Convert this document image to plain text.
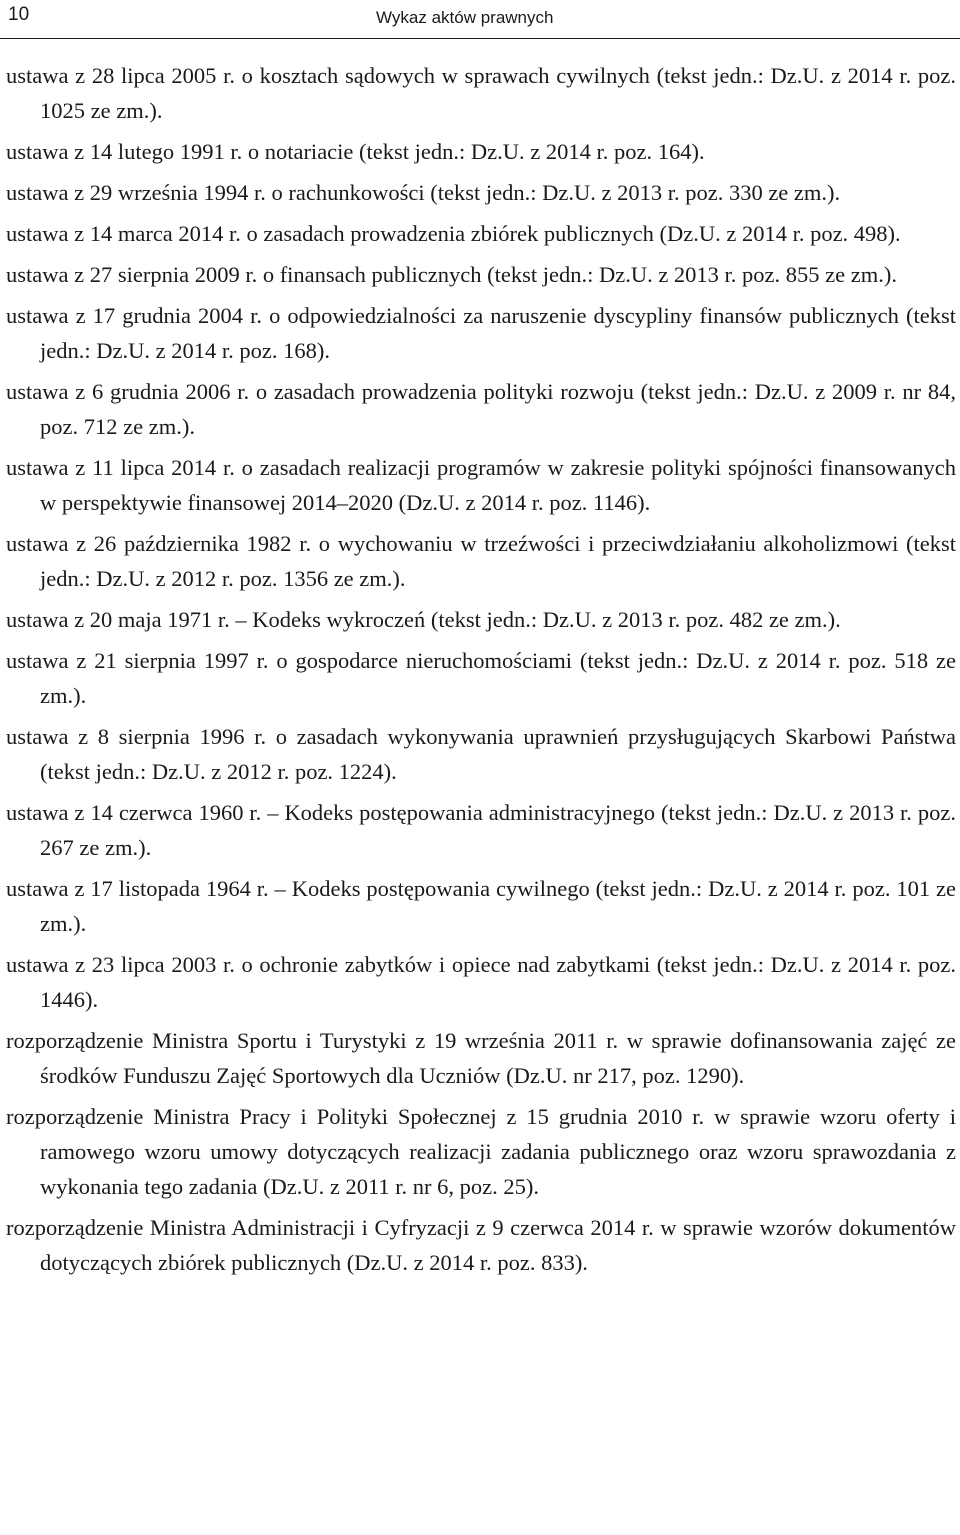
10	Wykaz aktów prawnych

ustawa z 28 lipca 2005 r. o kosztach sądowych w sprawach cywilnych (tekst jedn.: Dz.U. z 2014 r. poz. 1025 ze zm.).

ustawa z 14 lutego 1991 r. o notariacie (tekst jedn.: Dz.U. z 2014 r. poz. 164).

ustawa z 29 września 1994 r. o rachunkowości (tekst jedn.: Dz.U. z 2013 r. poz. 330 ze zm.).

ustawa z 14 marca 2014 r. o zasadach prowadzenia zbiórek publicznych (Dz.U. z 2014 r. poz. 498).

ustawa z 27 sierpnia 2009 r. o finansach publicznych (tekst jedn.: Dz.U. z 2013 r. poz. 855 ze zm.).

ustawa z 17 grudnia 2004 r. o odpowiedzialności za naruszenie dyscypliny finansów publicznych (tekst jedn.: Dz.U. z 2014 r. poz. 168).

ustawa z 6 grudnia 2006 r. o zasadach prowadzenia polityki rozwoju (tekst jedn.: Dz.U. z 2009 r. nr 84, poz. 712 ze zm.).

ustawa z 11 lipca 2014 r. o zasadach realizacji programów w zakresie polityki spójności finansowanych w perspektywie finansowej 2014–2020 (Dz.U. z 2014 r. poz. 1146).

ustawa z 26 października 1982 r. o wychowaniu w trzeźwości i przeciwdziałaniu alkoholizmowi (tekst jedn.: Dz.U. z 2012 r. poz. 1356 ze zm.).

ustawa z 20 maja 1971 r. – Kodeks wykroczeń (tekst jedn.: Dz.U. z 2013 r. poz. 482 ze zm.).

ustawa z 21 sierpnia 1997 r. o gospodarce nieruchomościami (tekst jedn.: Dz.U. z 2014 r. poz. 518 ze zm.).

ustawa z 8 sierpnia 1996 r. o zasadach wykonywania uprawnień przysługujących Skarbowi Państwa (tekst jedn.: Dz.U. z 2012 r. poz. 1224).

ustawa z 14 czerwca 1960 r. – Kodeks postępowania administracyjnego (tekst jedn.: Dz.U. z 2013 r. poz. 267 ze zm.).

ustawa z 17 listopada 1964 r. – Kodeks postępowania cywilnego (tekst jedn.: Dz.U. z 2014 r. poz. 101 ze zm.).

ustawa z 23 lipca 2003 r. o ochronie zabytków i opiece nad zabytkami (tekst jedn.: Dz.U. z 2014 r. poz. 1446).

rozporządzenie Ministra Sportu i Turystyki z 19 września 2011 r. w sprawie dofinansowania zajęć ze środków Funduszu Zajęć Sportowych dla Uczniów (Dz.U. nr 217, poz. 1290).

rozporządzenie Ministra Pracy i Polityki Społecznej z 15 grudnia 2010 r. w sprawie wzoru oferty i ramowego wzoru umowy dotyczących realizacji zadania publicznego oraz wzoru sprawozdania z wykonania tego zadania (Dz.U. z 2011 r. nr 6, poz. 25).

rozporządzenie Ministra Administracji i Cyfryzacji z 9 czerwca 2014 r. w sprawie wzorów dokumentów dotyczących zbiórek publicznych (Dz.U. z 2014 r. poz. 833).
